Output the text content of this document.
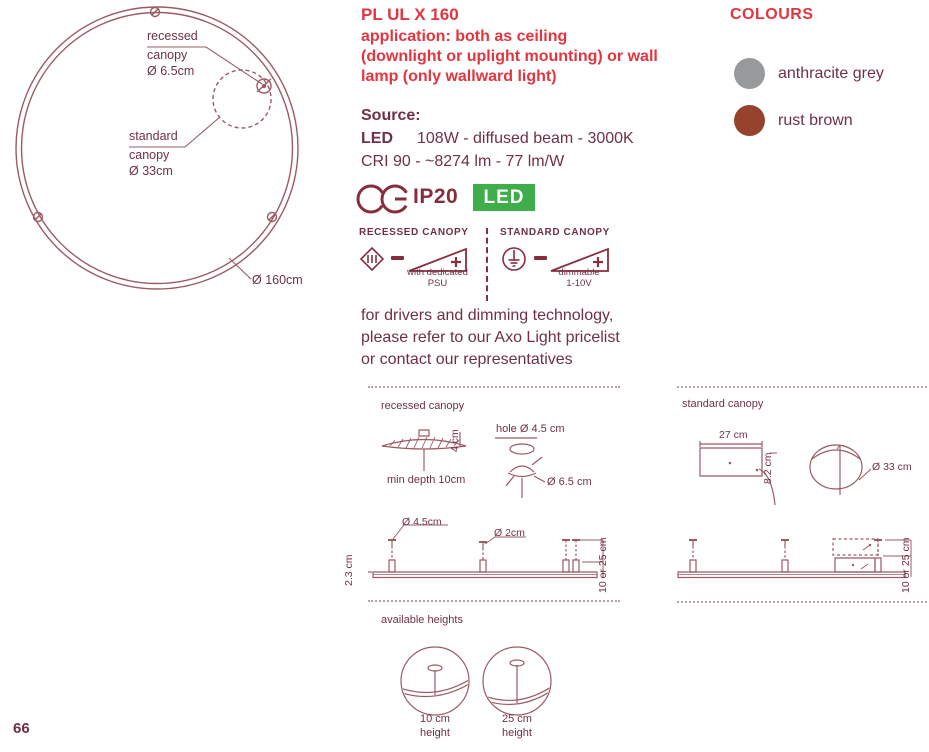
recessed
canopy
Ø 6.5cm
standard
canopy
Ø 33cm
Ø 160cm
PL UL X 160
application: both as ceiling
(downlight or uplight mounting) or wall
lamp (only wallward light)
Source:
LED 108W - diffused beam - 3000K
CRI 90 - ~8274 lm - 77 lm/W
IP20	LED
RECESSED CANOPY
with dedicated
PSU
STANDARD CANOPY
dimmable
1-10V
for drivers and dimming technology,
please refer to our Axo Light pricelist
or contact our representatives
COLOURS
anthracite grey
rust brown
recessed canopy
4 cm
min depth 10cm
hole Ø 4.5 cm
Ø 6.5 cm
Ø 4.5cm
Ø 2cm
2.3 cm	10 or 25 cm
standard canopy
27 cm
8.2 cm	Ø 33 cm
10 or 25 cm
available heights
10 cm
height
25 cm
height
66
